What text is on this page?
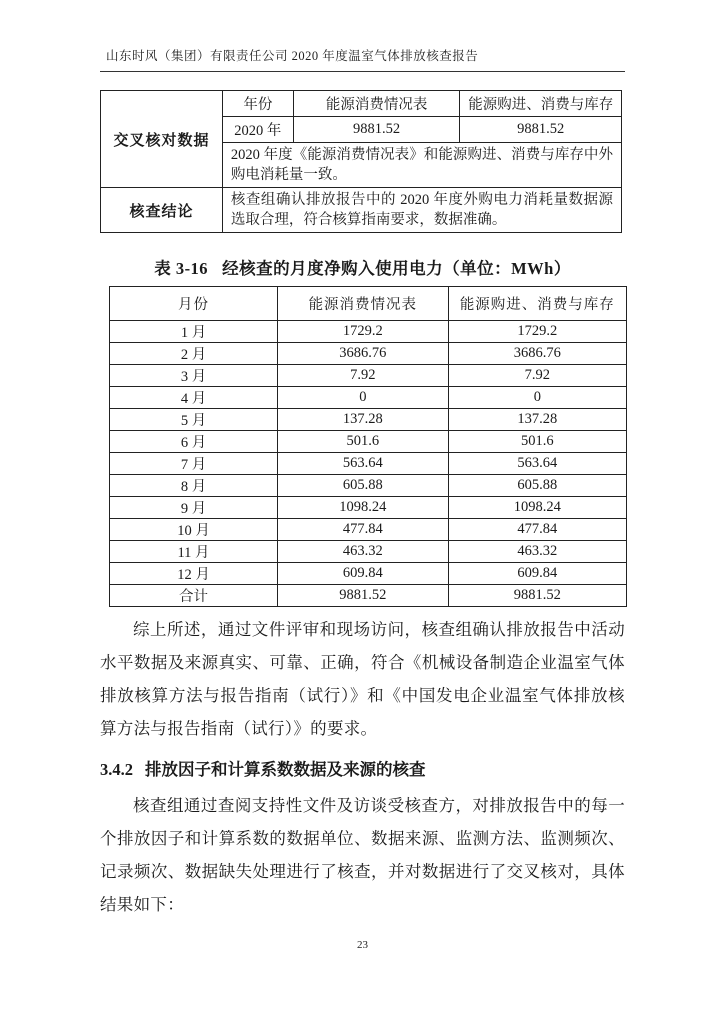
山东时风（集团）有限责任公司 2020 年度温室气体排放核查报告
交叉核对数据	年份	能源消费情况表	能源购进、消费与库存
	2020 年	9881.52	9881.52
	2020 年度《能源消费情况表》和能源购进、消费与库存中外购电消耗量一致。		
核查结论	核查组确认排放报告中的 2020 年度外购电力消耗量数据源选取合理，符合核算指南要求，数据准确。		
表 3-16 经核查的月度净购入使用电力（单位：MWh）
月份	能源消费情况表	能源购进、消费与库存
1 月	1729.2	1729.2
2 月	3686.76	3686.76
3 月	7.92	7.92
4 月	0	0
5 月	137.28	137.28
6 月	501.6	501.6
7 月	563.64	563.64
8 月	605.88	605.88
9 月	1098.24	1098.24
10 月	477.84	477.84
11 月	463.32	463.32
12 月	609.84	609.84
合计	9881.52	9881.52

综上所述，通过文件评审和现场访问，核查组确认排放报告中活动水平数据及来源真实、可靠、正确，符合《机械设备制造企业温室气体排放核算方法与报告指南（试行）》和《中国发电企业温室气体排放核算方法与报告指南（试行）》的要求。

3.4.2 排放因子和计算系数数据及来源的核查

核查组通过查阅支持性文件及访谈受核查方，对排放报告中的每一个排放因子和计算系数的数据单位、数据来源、监测方法、监测频次、记录频次、数据缺失处理进行了核查，并对数据进行了交叉核对，具体结果如下：

23
